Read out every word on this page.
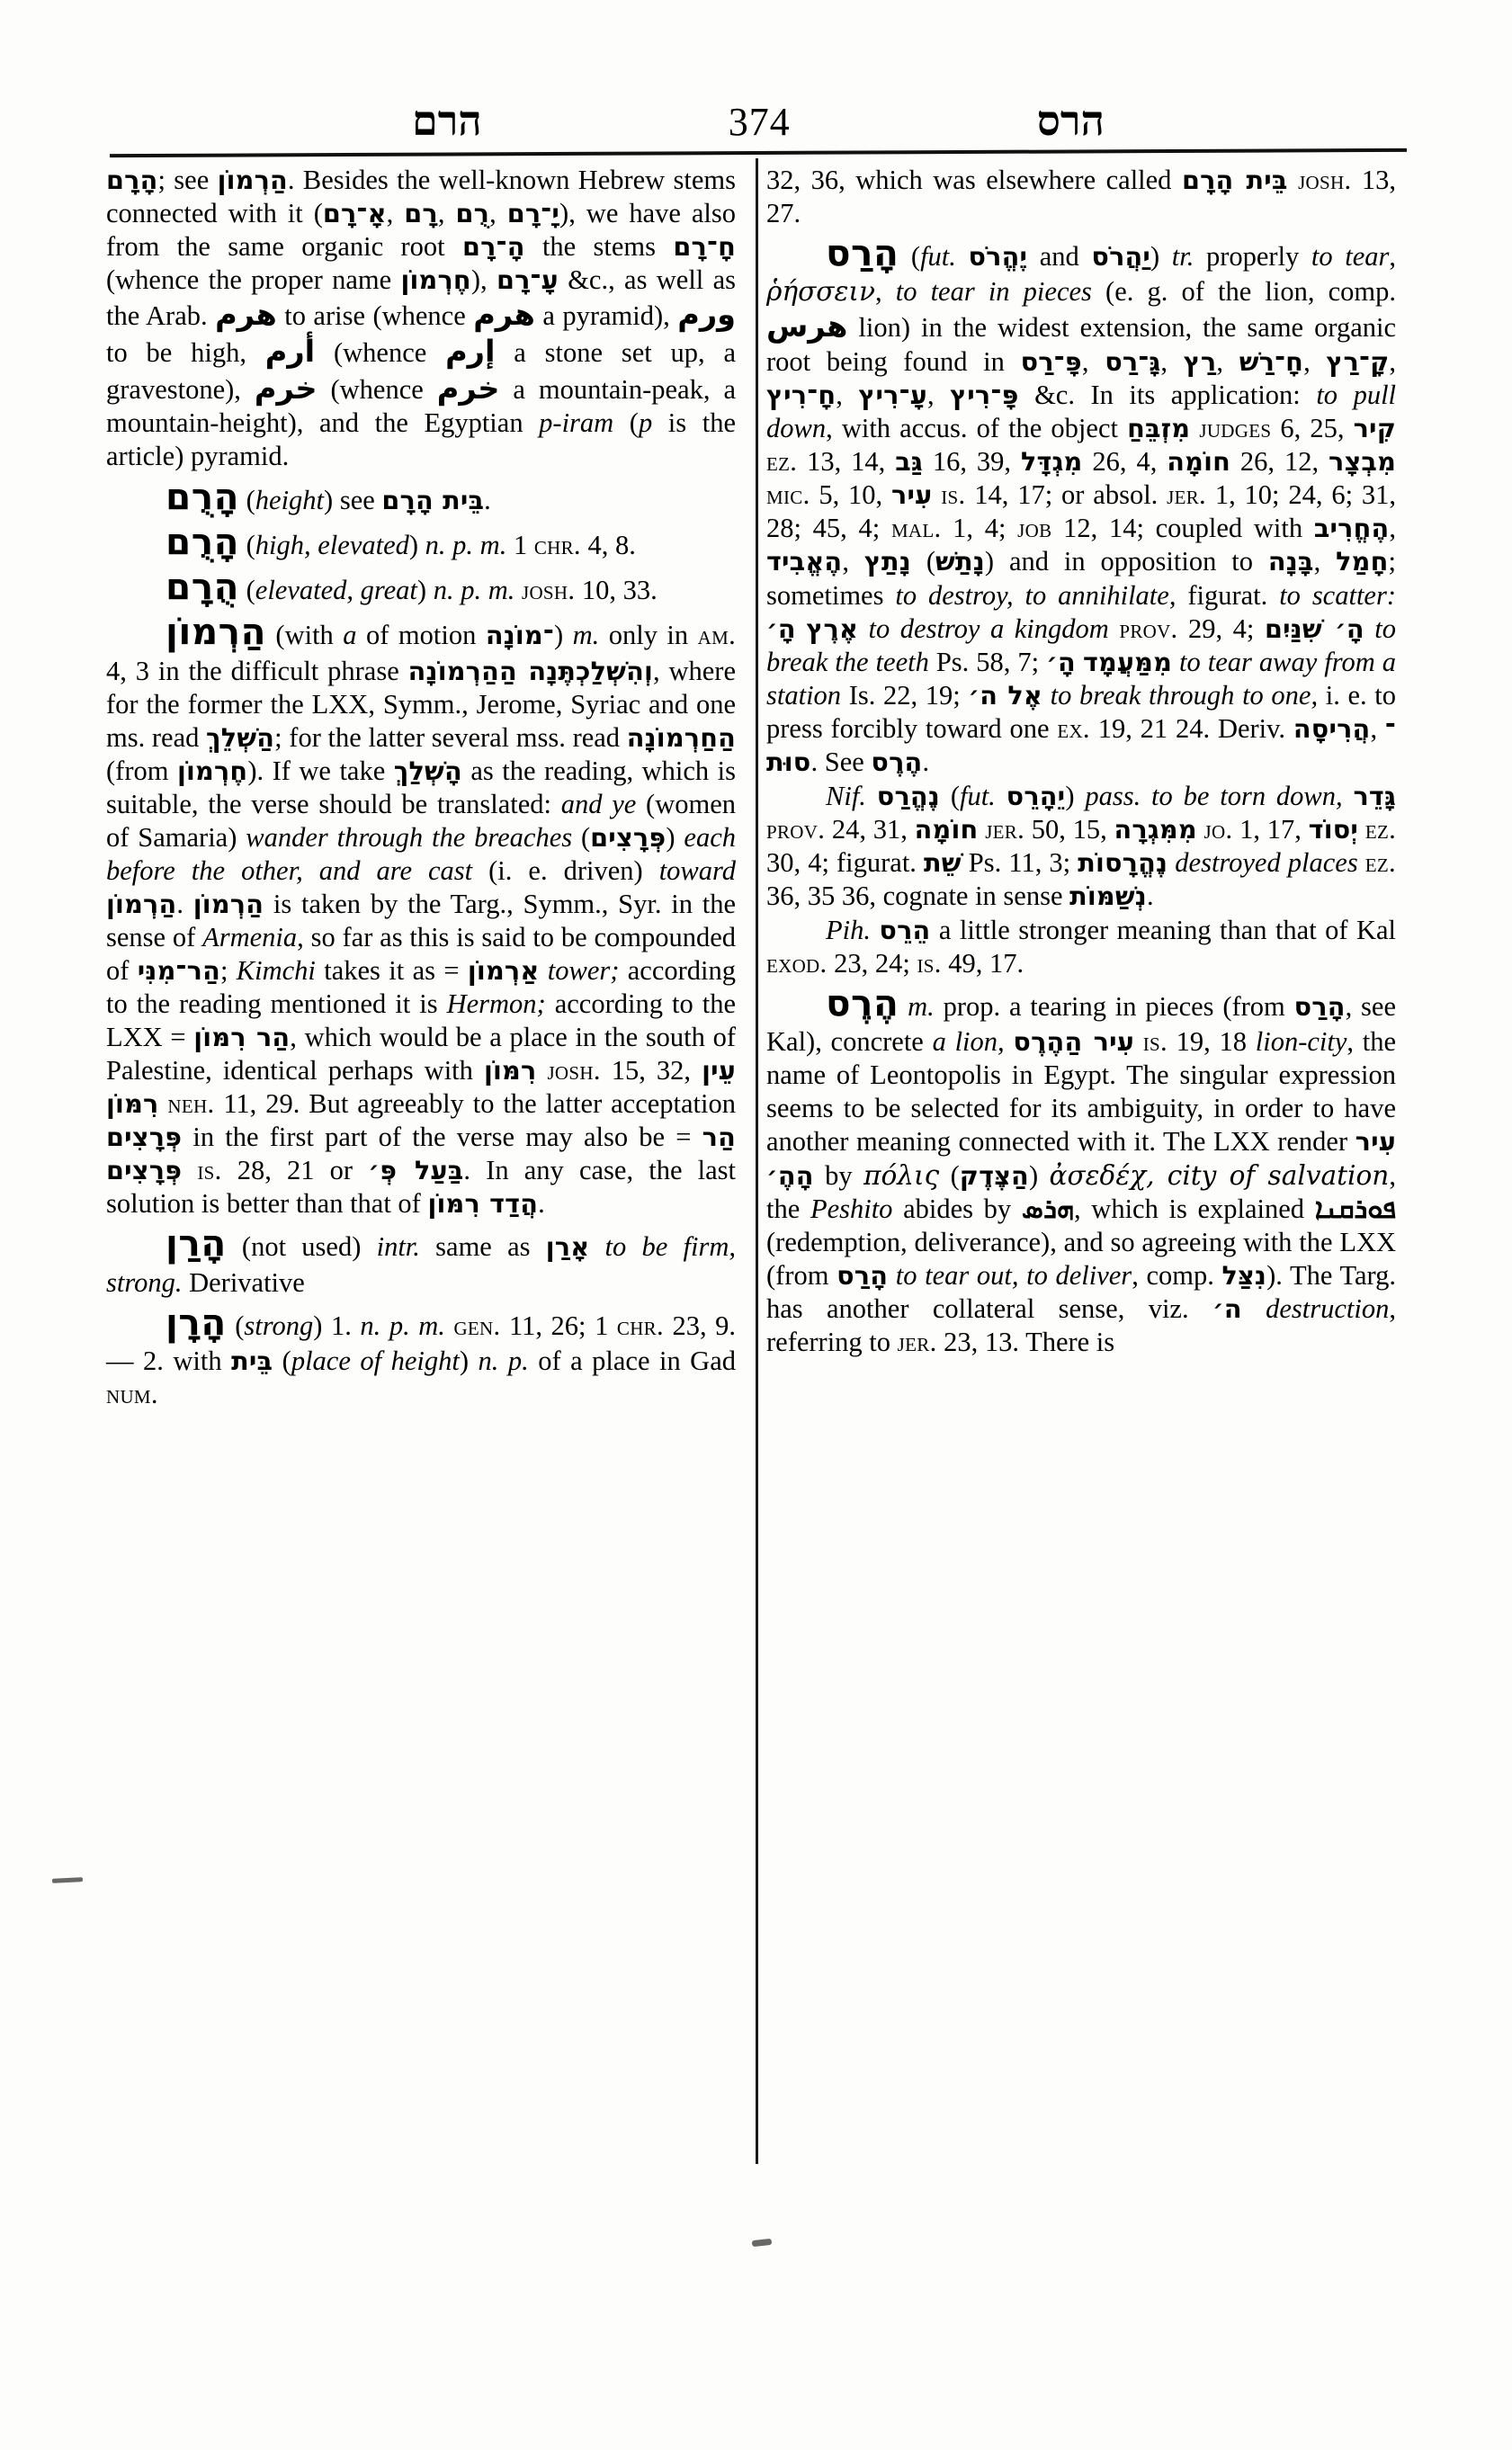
הרם	374	הרס

הָרָם; see הַרְמוֹן. Besides the well-known Hebrew stems connected with it (אָ־רָם, רָם, רֻם, יָ־רָם), we have also from the same organic root הָ־רָם the stems חָ־רָם (whence the proper name חֶרְמוֹן), עָ־רָם &c., as well as the Arab. هرم to arise (whence هرم a pyramid), ورم to be high, أرم (whence إرم a stone set up, a gravestone), خرم (whence خرم a mountain-peak, a mountain-height), and the Egyptian p-iram (p is the article) pyramid.

הָרֻם (height) see בֵּית הָרָם.

הָרֻם (high, elevated) n. p. m. 1 chr. 4, 8.

הֻרָם (elevated, great) n. p. m. josh. 10, 33.

הַרְמוֹן (with a of motion ־מוֹנָה) m. only in am. 4, 3 in the difficult phrase וְהִשְׁלַכְתֶּנָה הַהַרְמוֹנָה, where for the former the LXX, Symm., Jerome, Syriac and one ms. read הַשְׁלֵךְ; for the latter several mss. read הַחַרְמוֹנָה (from חֶרְמוֹן). If we take הָשְׁלַךְ as the reading, which is suitable, the verse should be translated: and ye (women of Samaria) wander through the breaches (פְּרָצִים) each before the other, and are cast (i. e. driven) toward הַרְמוֹן. הַרְמוֹן is taken by the Targ., Symm., Syr. in the sense of Armenia, so far as this is said to be compounded of הַר־מִנִּי; Kimchi takes it as = אַרְמוֹן tower; according to the reading mentioned it is Hermon; according to the LXX = הַר רִמּוֹן, which would be a place in the south of Palestine, identical perhaps with רִמּוֹן josh. 15, 32, עֵין רִמּוֹן neh. 11, 29. But agreeably to the latter acceptation פְּרָצִים in the first part of the verse may also be = הַר פְּרָצִים is. 28, 21 or בַּעַל פְּ׳. In any case, the last solution is better than that of הֲדַד רִמּוֹן.

הָרַן (not used) intr. same as אָרַן to be firm, strong. Derivative

הָרָן (strong) 1. n. p. m. gen. 11, 26; 1 chr. 23, 9. — 2. with בֵּית (place of height) n. p. of a place in Gad num.

32, 36, which was elsewhere called בֵּית הָרָם josh. 13, 27.

הָרַס (fut. יֶהֱרֹס and יַהֲרֹס) tr. properly to tear, ῥήσσειν, to tear in pieces (e. g. of the lion, comp. هرس lion) in the widest extension, the same organic root being found in פָּ־רַס, גָּ־רַס, רַץ, חָ־רַשׁ, קָ־רַץ, חָ־רִיץ, עָ־רִיץ, פָּ־רִיץ &c. In its application: to pull down, with accus. of the object מִזְבֵּחַ judges 6, 25, קִיר ez. 13, 14, גַּב 16, 39, מִגְדָּל 26, 4, חוֹמָה 26, 12, מִבְצָר mic. 5, 10, עִיר is. 14, 17; or absol. jer. 1, 10; 24, 6; 31, 28; 45, 4; mal. 1, 4; job 12, 14; coupled with הֶחֱרִיב, הֶאֱבִיד, נָתַץ (נָתַשׁ) and in opposition to בָּנָה, חָמַל; sometimes to destroy, to annihilate, figurat. to scatter: הָ׳ אֶרֶץ to destroy a kingdom prov. 29, 4; הָ׳ שִׁנַּיִם to break the teeth Ps. 58, 7; הָ׳ מִמַּעֲמָד to tear away from a station Is. 22, 19; אֶל ה׳ to break through to one, i. e. to press forcibly toward one ex. 19, 21 24. Deriv. הֲרִיסָה, ־סוּת. See הֶרֶס.

Nif. נֶהֱרַס (fut. יֵהָרֵס) pass. to be torn down, גָּדֵר prov. 24, 31, חוֹמָה jer. 50, 15, מִמִּגְרָה jo. 1, 17, יְסוֹד ez. 30, 4; figurat. שֵׁת Ps. 11, 3; נֶהֱרָסוֹת destroyed places ez. 36, 35 36, cognate in sense נְשַׁמּוֹת.

Pih. הֵרֵס a little stronger meaning than that of Kal exod. 23, 24; is. 49, 17.

הֶרֶס m. prop. a tearing in pieces (from הָרַס, see Kal), concrete a lion, עִיר הַהֶרֶס is. 19, 18 lion-city, the name of Leontopolis in Egypt. The singular expression seems to be selected for its ambiguity, in order to have another meaning connected with it. The LXX render עִיר הָהֶ׳ by πόλις (הַצֶּדֶק) ἀσεδέχ, city of salvation, the Peshito abides by ܗܪܣ, which is explained ܦܘܪܩܢܐ (redemption, deliverance), and so agreeing with the LXX (from הָרַס to tear out, to deliver, comp. נִצַּל). The Targ. has another collateral sense, viz. ה׳ destruction, referring to jer. 23, 13. There is
